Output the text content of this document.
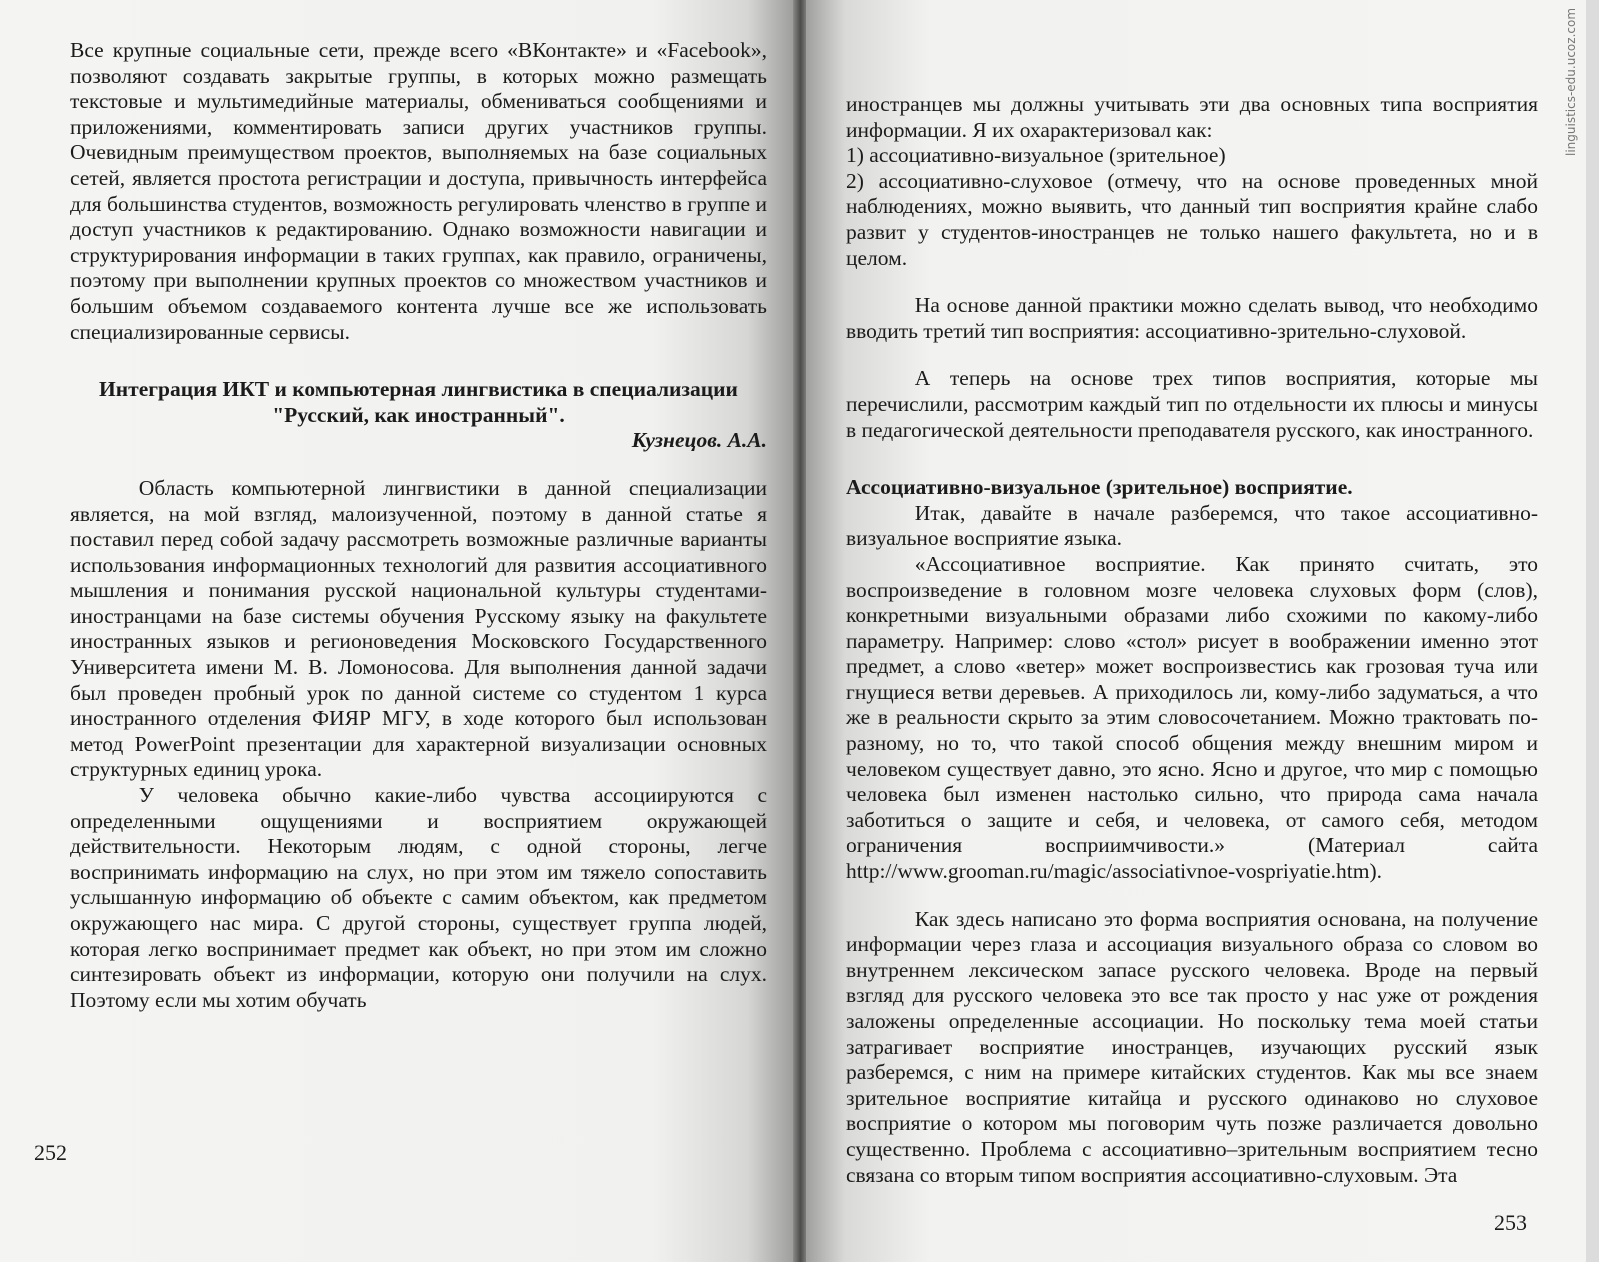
Все крупные социальные сети, прежде всего «ВКонтакте» и «Facebook», позволяют создавать закрытые группы, в которых можно размещать текстовые и мультимедийные материалы, обмениваться сообщениями и приложениями, комментировать записи других участников группы. Очевидным преимуществом проектов, выполняемых на базе социальных сетей, является простота регистрации и доступа, привычность интерфейса для большинства студентов, возможность регулировать членство в группе и доступ участников к редактированию. Однако возможности навигации и структурирования информации в таких группах, как правило, ограничены, поэтому при выполнении крупных проектов со множеством участников и большим объемом создаваемого контента лучше все же использовать специализированные сервисы.

Интеграция ИКТ и компьютерная лингвистика в специализации "Русский, как иностранный".

Кузнецов. А.А.

Область компьютерной лингвистики в данной специализации является, на мой взгляд, малоизученной, поэтому в данной статье я поставил перед собой задачу рассмотреть возможные различные варианты использования информационных технологий для развития ассоциативного мышления и понимания русской национальной культуры студентами-иностранцами на базе системы обучения Русскому языку на факультете иностранных языков и регионоведения Московского Государственного Университета имени М. В. Ломоносова. Для выполнения данной задачи был проведен пробный урок по данной системе со студентом 1 курса иностранного отделения ФИЯР МГУ, в ходе которого был использован метод PowerPoint презентации для характерной визуализации основных структурных единиц урока.

У человека обычно какие-либо чувства ассоциируются с определенными ощущениями и восприятием окружающей действительности. Некоторым людям, с одной стороны, легче воспринимать информацию на слух, но при этом им тяжело сопоставить услышанную информацию об объекте с самим объектом, как предметом окружающего нас мира. С другой стороны, существует группа людей, которая легко воспринимает предмет как объект, но при этом им сложно синтезировать объект из информации, которую они получили на слух. Поэтому если мы хотим обучать

252

иностранцев мы должны учитывать эти два основных типа восприятия информации. Я их охарактеризовал как:

1) ассоциативно-визуальное (зрительное)

2) ассоциативно-слуховое (отмечу, что на основе проведенных мной наблюдениях, можно выявить, что данный тип восприятия крайне слабо развит у студентов-иностранцев не только нашего факультета, но и в целом.

На основе данной практики можно сделать вывод, что необходимо вводить третий тип восприятия: ассоциативно-зрительно-слуховой.

А теперь на основе трех типов восприятия, которые мы перечислили, рассмотрим каждый тип по отдельности их плюсы и минусы в педагогической деятельности преподавателя русского, как иностранного.

Ассоциативно-визуальное (зрительное) восприятие.

Итак, давайте в начале разберемся, что такое ассоциативно-визуальное восприятие языка.

«Ассоциативное восприятие. Как принято считать, это воспроизведение в головном мозге человека слуховых форм (слов), конкретными визуальными образами либо схожими по какому-либо параметру. Например: слово «стол» рисует в воображении именно этот предмет, а слово «ветер» может воспроизвестись как грозовая туча или гнущиеся ветви деревьев. А приходилось ли, кому-либо задуматься, а что же в реальности скрыто за этим словосочетанием. Можно трактовать по-разному, но то, что такой способ общения между внешним миром и человеком существует давно, это ясно. Ясно и другое, что мир с помощью человека был изменен настолько сильно, что природа сама начала заботиться о защите и себя, и человека, от самого себя, методом ограничения восприимчивости.» (Материал сайта http://www.grooman.ru/magic/associativnoe-vospriyatie.htm).

Как здесь написано это форма восприятия основана, на получение информации через глаза и ассоциация визуального образа со словом во внутреннем лексическом запасе русского человека. Вроде на первый взгляд для русского человека это все так просто у нас уже от рождения заложены определенные ассоциации. Но поскольку тема моей статьи затрагивает восприятие иностранцев, изучающих русский язык разберемся, с ним на примере китайских студентов. Как мы все знаем зрительное восприятие китайца и русского одинаково но слуховое восприятие о котором мы поговорим чуть позже различается довольно существенно. Проблема с ассоциативно–зрительным восприятием тесно связана со вторым типом восприятия ассоциативно-слуховым. Эта

253
linguistics-edu.ucoz.com
